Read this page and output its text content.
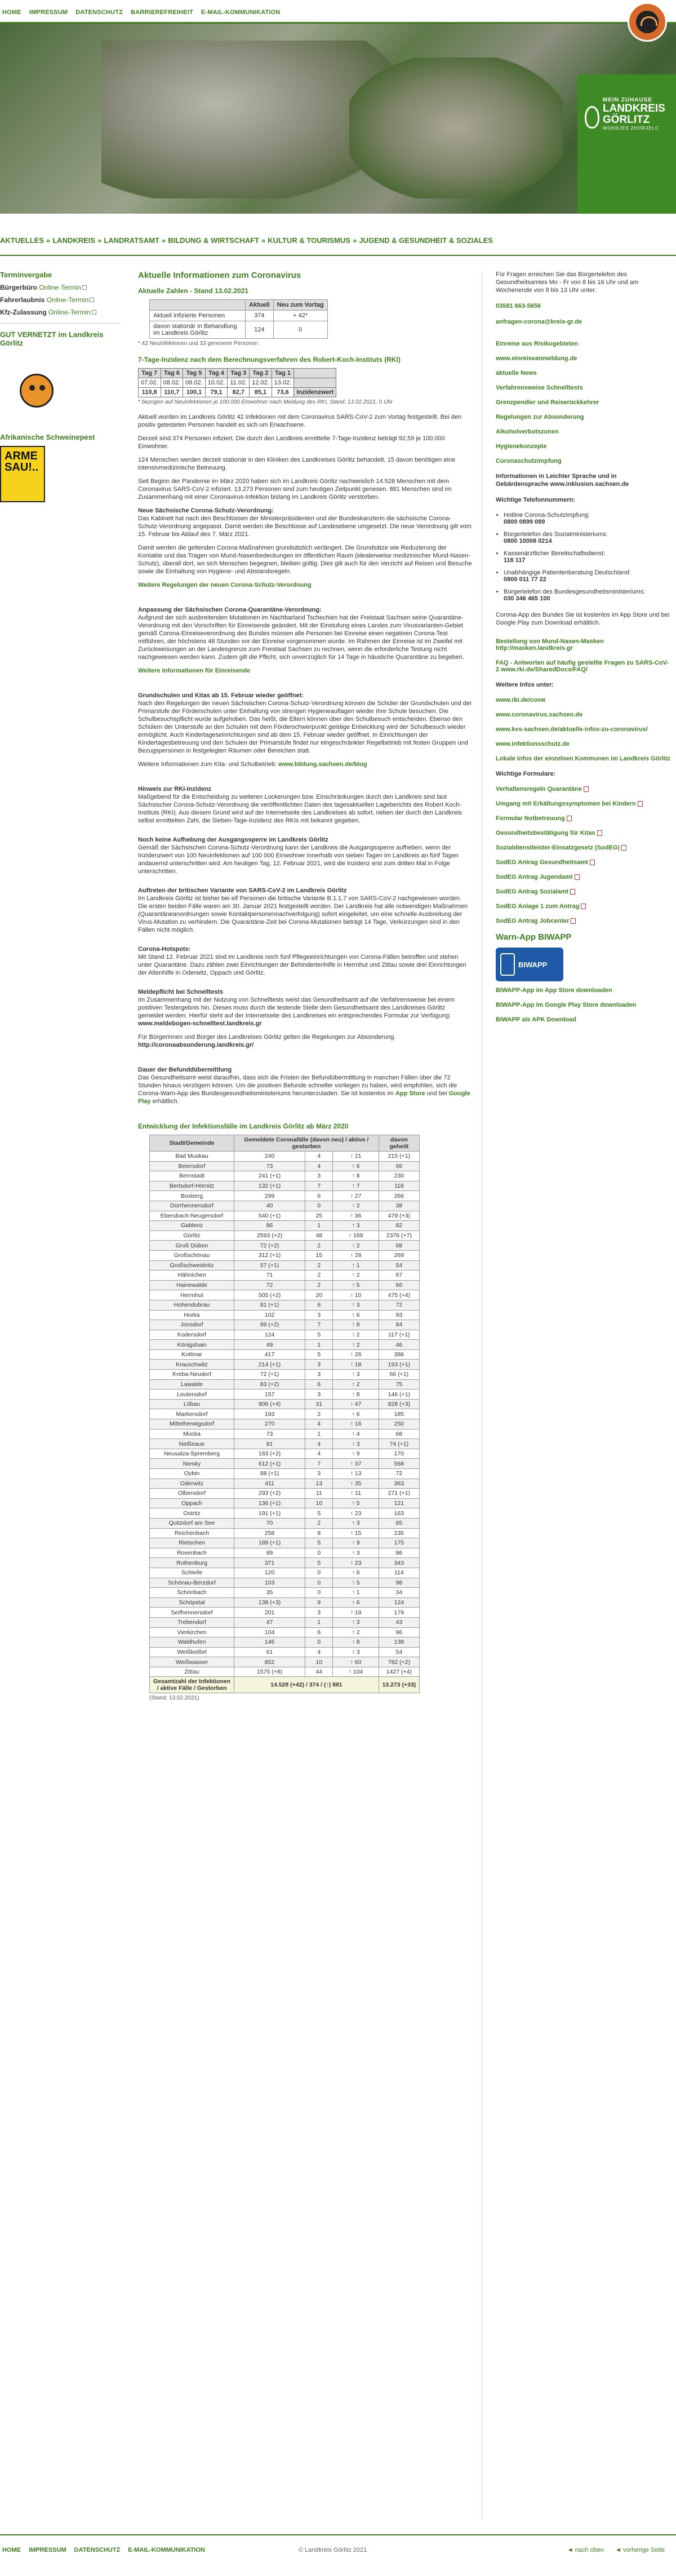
HOME IMPRESSUM DATENSCHUTZ BARRIEREFREIHEIT E-MAIL-KOMMUNIKATION
MEIN ZUHAUSE
LANDKREIS
GÖRLITZ
WOKRJES ZHORJELC
AKTUELLES » LANDKREIS » LANDRATSAMT » BILDUNG & WIRTSCHAFT » KULTUR & TOURISMUS » JUGEND & GESUNDHEIT & SOZIALES
Terminvergabe
Bürgerbüro Online-Termin
Fahrerlaubnis Online-Termin
Kfz-Zulassung Online-Termin
GUT VERNETZT im Landkreis Görlitz
Afrikanische Schweinepest
ARME SAU!..
Aktuelle Informationen zum Coronavirus
Aktuelle Zahlen - Stand 13.02.2021
	Aktuell	Neu zum Vortag
Aktuell infizierte Personen	374	+ 42*
davon stationär in Behandlung im Landkreis Görlitz	124	0
* 42 Neuinfektionen und 33 genesene Personen
7-Tage-Inzidenz nach dem Berechnungsverfahren des Robert-Koch-Instituts (RKI)
Tag 7	Tag 6	Tag 5	Tag 4	Tag 3	Tag 2	Tag 1	
07.02.	08.02.	09.02.	10.02.	11.02.	12.02.	13.02.	
110,8	110,7	100,1	79,1	82,7	85,1	73,6	Inzidenzwert
* bezogen auf Neuinfektionen je 100.000 Einwohner nach Meldung des RKI, Stand: 13.02.2021, 0 Uhr

Aktuell wurden im Landkreis Görlitz 42 Infektionen mit dem Coronavirus SARS-CoV-2 zum Vortag festgestellt. Bei den positiv getesteten Personen handelt es sich um Erwachsene.

Derzeit sind 374 Personen infiziert. Die durch den Landkreis ermittelte 7-Tage-Inzidenz beträgt 92,59 je 100.000 Einwohner.

124 Menschen werden derzeit stationär in den Kliniken des Landkreises Görlitz behandelt, 15 davon benötigen eine intensivmedizinische Betreuung.

Seit Beginn der Pandemie im März 2020 haben sich im Landkreis Görlitz nachweislich 14.528 Menschen mit dem Coronavirus SARS-CoV-2 infiziert. 13.273 Personen sind zum heutigen Zeitpunkt genesen. 881 Menschen sind im Zusammenhang mit einer Coronavirus-Infektion bislang im Landkreis Görlitz verstorben.

Neue Sächsische Corona-Schutz-Verordnung:

Das Kabinett hat nach den Beschlüssen der Ministerpräsidenten und der Bundeskanzlerin die sächsische Corona-Schutz-Verordnung angepasst. Damit werden die Beschlüsse auf Landesebene umgesetzt. Die neue Verordnung gilt vom 15. Februar bis Ablauf des 7. März 2021.

Damit werden die geltenden Corona-Maßnahmen grundsätzlich verlängert. Die Grundsätze wie Reduzierung der Kontakte und das Tragen von Mund-Nasenbedeckungen im öffentlichen Raum (idealerweise medizinischer Mund-Nasen-Schutz), überall dort, wo sich Menschen begegnen, bleiben gültig. Dies gilt auch für den Verzicht auf Reisen und Besuche sowie die Einhaltung von Hygiene- und Abstandsregeln.

Weitere Regelungen der neuen Corona-Schutz-Verordnung

Anpassung der Sächsischen Corona-Quarantäne-Verordnung:

Aufgrund der sich ausbreitenden Mutationen im Nachbarland Tschechien hat der Freistaat Sachsen seine Quarantäne-Verordnung mit den Vorschriften für Einreisende geändert. Mit der Einstufung eines Landes zum Virusvarianten-Gebiet gemäß Corona-Einreiseverordnung des Bundes müssen alle Personen bei Einreise einen negativen Corona-Test mitführen, der höchstens 48 Stunden vor der Einreise vorgenommen wurde. Im Rahmen der Einreise ist im Zweifel mit Zurückweisungen an der Landesgrenze zum Freistaat Sachsen zu rechnen, wenn die erforderliche Testung nicht nachgewiesen werden kann. Zudem gilt die Pflicht, sich unverzüglich für 14 Tage in häusliche Quarantäne zu begeben.

Weitere Informationen für Einreisende

Grundschulen und Kitas ab 15. Februar wieder geöffnet:

Nach den Regelungen der neuen Sächsischen Corona-Schutz-Verordnung können die Schüler der Grundschulen und der Primarstufe der Förderschulen unter Einhaltung von strengen Hygieneauflagen wieder ihre Schule besuchen. Die Schulbesuchspflicht wurde aufgehoben. Das heißt, die Eltern können über den Schulbesuch entscheiden. Ebenso den Schülern der Unterstufe an den Schulen mit dem Förderschwerpunkt geistige Entwicklung wird der Schulbesuch wieder ermöglicht. Auch Kindertageseinrichtungen sind ab dem 15. Februar wieder geöffnet. In Einrichtungen der Kindertagesbetreuung und den Schulen der Primarstufe findet nur eingeschränkter Regelbetrieb mit festen Gruppen und Bezugspersonen in festgelegten Räumen oder Bereichen statt.

Weitere Informationen zum Kita- und Schulbetrieb: www.bildung.sachsen.de/blog

Hinweis zur RKI-Inzidenz

Maßgebend für die Entscheidung zu weiteren Lockerungen bzw. Einschränkungen durch den Landkreis sind laut Sächsischer Corona-Schutz-Verordnung die veröffentlichten Daten des tagesaktuellen Lageberichts des Robert Koch-Instituts (RKI). Aus diesem Grund wird auf der Internetseite des Landkreises ab sofort, neben der durch den Landkreis selbst ermittelten Zahl, die Sieben-Tage-Inzidenz des RKIs mit bekannt gegeben.

Noch keine Aufhebung der Ausgangssperre im Landkreis Görlitz

Gemäß der Sächsischen Corona-Schutz-Verordnung kann der Landkreis die Ausgangssperre aufheben, wenn der Inzidenzwert von 100 Neuinfektionen auf 100 000 Einwohner innerhalb von sieben Tagen im Landkreis an fünf Tagen andauernd unterschritten wird. Am heutigen Tag, 12. Februar 2021, wird die Inzidenz erst zum dritten Mal in Folge unterschritten.

Auftreten der britischen Variante von SARS-CoV-2 im Landkreis Görlitz

Im Landkreis Görlitz ist bisher bei elf Personen die britische Variante B.1.1.7 von SARS-CoV-2 nachgewiesen worden. Die ersten beiden Fälle waren am 30. Januar 2021 festgestellt worden. Der Landkreis hat alle notwendigen Maßnahmen (Quarantäneanordnungen sowie Kontaktpersonennachverfolgung) sofort eingeleitet, um eine schnelle Ausbreitung der Virus-Mutation zu verhindern. Die Quarantäne-Zeit bei Corona-Mutationen beträgt 14 Tage, Verkürzungen sind in den Fällen nicht möglich.

Corona-Hotspots:

Mit Stand 12. Februar 2021 sind im Landkreis noch fünf Pflegeeinrichtungen von Corona-Fällen betroffen und stehen unter Quarantäne. Dazu zählen zwei Einrichtungen der Behindertenhilfe in Herrnhut und Zittau sowie drei Einrichtungen der Altenhilfe in Oderwitz, Oppach und Görlitz.

Meldepflicht bei Schnelltests

Im Zusammenhang mit der Nutzung von Schnelltests weist das Gesundheitsamt auf die Verfahrensweise bei einem positiven Testergebnis hin. Dieses muss durch die testende Stelle dem Gesundheitsamt des Landkreises Görlitz gemeldet werden. Hierfür steht auf der Internetseite des Landkreises ein entsprechendes Formular zur Verfügung: www.meldebogen-schnelltest.landkreis.gr

Für Bürgerinnen und Bürger des Landkreises Görlitz gelten die Regelungen zur Absonderung.
http://coronaabsonderung.landkreis.gr/

Dauer der Befunddübermittlung

Das Gesundheitsamt weist daraufhin, dass sich die Fristen der Befundübermittlung in manchen Fällen über die 72 Stunden hinaus verzögern können. Um die positiven Befunde schneller vorliegen zu haben, wird empfohlen, sich die Corona-Warn-App des Bundesgesundheitsministeriums herunterzuladen. Sie ist kostenlos im App Store und bei Google Play erhältlich.

Entwicklung der Infektionsfälle im Landkreis Görlitz ab März 2020
Stadt/Gemeinde	Gemeldete Coronafälle (davon neu) / aktive / gestorben			davon geheilt
Bad Muskau	240	4	↑ 21	215 (+1)
Beiersdorf	73	4	↑ 6	66
Bernstadt	241 (+1)	3	↑ 8	230
Bertsdorf-Hörnitz	132 (+1)	7	↑ 7	118
Boxberg	299	6	↑ 27	266
Dürrhennersdorf	40	0	↑ 2	38
Ebersbach-Neugersdorf	540 (+1)	25	↑ 36	479 (+3)
Gablenz	86	1	↑ 3	82
Görlitz	2593 (+2)	48	↑ 169	2376 (+7)
Groß Düben	72 (+2)	2	↑ 2	68
Großschönau	312 (+1)	15	↑ 28	269
Großschweidnitz	57 (+1)	2	↑ 1	54
Hähnichen	71	2	↑ 2	67
Hainewalde	72	2	↑ 5	66
Herrnhut	505 (+2)	20	↑ 10	475 (+4)
Hohendubrau	81 (+1)	6	↑ 3	72
Horka	102	3	↑ 6	93
Jonsdorf	99 (+2)	7	↑ 8	84
Kodersdorf	124	5	↑ 2	117 (+1)
Königshain	49	1	↑ 2	46
Kottmar	417	5	↑ 26	386
Krauschwitz	214 (+1)	3	↑ 18	193 (+1)
Kreba-Neudorf	72 (+1)	3	↑ 3	66 (+1)
Lawalde	83 (+2)	6	↑ 2	75
Leutersdorf	157	3	↑ 8	146 (+1)
Löbau	906 (+4)	31	↑ 47	828 (+3)
Markersdorf	193	2	↑ 6	185
Mittelherwigsdorf	270	4	↑ 16	250
Mücka	73	1	↑ 4	68
Neißeaue	81	4	↑ 3	74 (+1)
Neusalza-Spremberg	183 (+2)	4	↑ 9	170
Niesky	612 (+1)	7	↑ 37	568
Oybin	88 (+1)	3	↑ 13	72
Oderwitz	411	13	↑ 35	363
Olbersdorf	293 (+2)	11	↑ 11	271 (+1)
Oppach	136 (+1)	10	↑ 5	121
Ostritz	191 (+1)	5	↑ 23	163
Quitzdorf am See	70	2	↑ 3	65
Reichenbach	258	8	↑ 15	235
Rietschen	189 (+1)	5	↑ 9	175
Rosenbach	89	0	↑ 3	86
Rothenburg	371	5	↑ 23	343
Schleife	120	0	↑ 6	114
Schönau-Berzdorf	103	0	↑ 5	98
Schönbach	35	0	↑ 1	34
Schöpstal	139 (+3)	9	↑ 6	124
Seifhennersdorf	201	3	↑ 19	179
Trebendorf	47	1	↑ 3	43
Vierkirchen	104	6	↑ 2	96
Waldhufen	146	0	↑ 8	138
Weißkeißel	61	4	↑ 3	54
Weißwasser	852	10	↑ 60	782 (+2)
Zittau	1575 (+8)	44	↑ 104	1427 (+4)
Gesamtzahl der Infektionen / aktive Fälle / Gestorben	14.528 (+42) / 374 / (↑) 881			13.273 (+33)
(Stand: 13.02.2021)
Für Fragen erreichen Sie das Bürgertelefon des Gesundheitsamtes Mo - Fr von 8 bis 16 Uhr und am Wochenende von 8 bis 13 Uhr unter:
03581 663-5656
anfragen-corona@kreis-gr.de
Einreise aus Risikogebieten
www.einreiseanmeldung.de
aktuelle News
Verfahrensweise Schnelltests
Grenzpendler und Reiserückkehrer
Regelungen zur Absonderung
Alkoholverbotszonen
Hygienekonzepte
Coronaschutzimpfung
Informationen in Leichter Sprache und in Gebärdensprache www.inklusion.sachsen.de
Wichtige Telefonnummern:
• Hotline Corona-Schutzimpfung:
0800 0899 089
• Bürgertelefon des Sozialministeriums:
0800 10008 0214
• Kassenärztlicher Bereitschaftsdienst:
116 117
• Unabhängige Patientenberatung Deutschland:
0800 011 77 22
• Bürgertelefon des Bundesgesundheitsministeriums:
030 346 465 100
Corona-App des Bundes Sie ist kostenlos im App Store und bei Google Play zum Download erhältlich.
Bestellung von Mund-Nasen-Masken http://masken.landkreis.gr
FAQ - Antworten auf häufig gestellte Fragen zu SARS-CoV-2 www.rki.de/SharedDocs/FAQ/
Weitere Infos unter:
www.rki.de/covw
www.coronavirus.sachsen.de
www.kvs-sachsen.de/aktuelle-infos-zu-coronavirus/
www.infektionsschutz.de
Lokale Infos der einzelnen Kommunen im Landkreis Görlitz
Wichtige Formulare:
Verhaltensregeln Quarantäne
Umgang mit Erkältungssymptomen bei Kindern
Formular Notbetreuung
Gesundheitsbestätigung für Kitas
Sozialdienstleister-Einsatzgesetz (SodEG)
SodEG Antrag Gesundheitsamt
SodEG Antrag Jugendamt
SodEG Antrag Sozialamt
SodEG Anlage 1 zum Antrag
SodEG Antrag Jobcenter
Warn-App BIWAPP
BIWAPP
BIWAPP-App im App Store downloaden
BIWAPP-App im Google Play Store downloaden
BIWAPP als APK Download
HOME IMPRESSUM DATENSCHUTZ E-MAIL-KOMMUNIKATION	© Landkreis Görlitz 2021	◄ nach oben ◄ vorherige Seite
